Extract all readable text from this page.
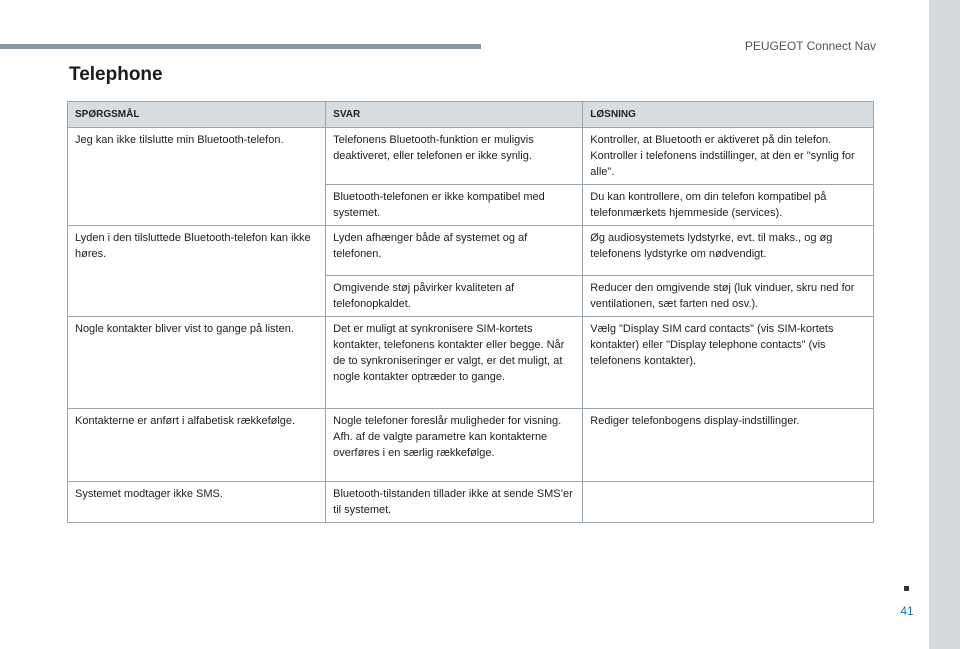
PEUGEOT Connect Nav
41
Telephone
SPØRGSMÅL	SVAR	LØSNING
Jeg kan ikke tilslutte min Bluetooth-telefon.	Telefonens Bluetooth-funktion er muligvis deaktiveret, eller telefonen er ikke synlig.	Kontroller, at Bluetooth er aktiveret på din telefon.
Kontroller i telefonens indstillinger, at den er "synlig for alle".
	Bluetooth-telefonen er ikke kompatibel med systemet.	Du kan kontrollere, om din telefon kompatibel på telefonmærkets hjemmeside (services).
Lyden i den tilsluttede Bluetooth-telefon kan ikke høres.	Lyden afhænger både af systemet og af telefonen.	Øg audiosystemets lydstyrke, evt. til maks., og øg telefonens lydstyrke om nødvendigt.
	Omgivende støj påvirker kvaliteten af telefonopkaldet.	Reducer den omgivende støj (luk vinduer, skru ned for ventilationen, sæt farten ned osv.).
Nogle kontakter bliver vist to gange på listen.	Det er muligt at synkronisere SIM-kortets kontakter, telefonens kontakter eller begge. Når de to synkroniseringer er valgt, er det muligt, at nogle kontakter optræder to gange.	Vælg "Display SIM card contacts" (vis SIM-kortets kontakter) eller "Display telephone contacts" (vis telefonens kontakter).
Kontakterne er anført i alfabetisk rækkefølge.	Nogle telefoner foreslår muligheder for visning. Afh. af de valgte parametre kan kontakterne overføres i en særlig rækkefølge.	Rediger telefonbogens display-indstillinger.
Systemet modtager ikke SMS.	Bluetooth-tilstanden tillader ikke at sende SMS’er til systemet.	
